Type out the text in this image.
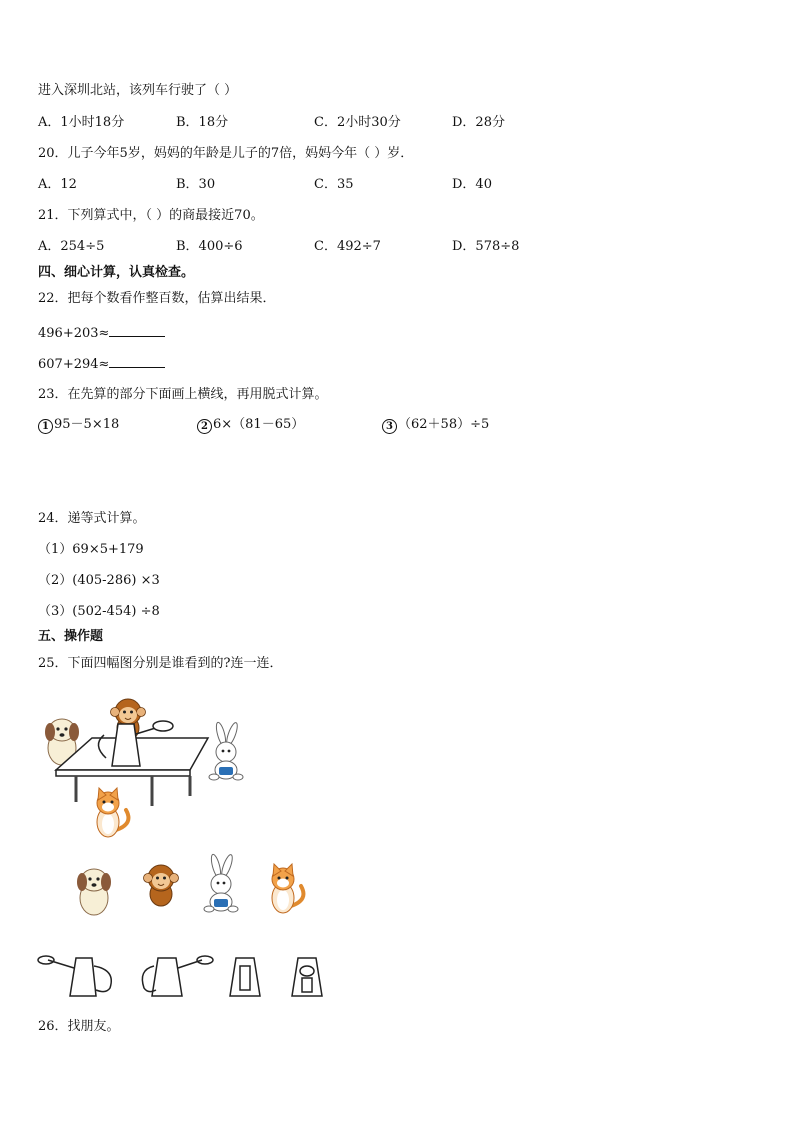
进入深圳北站，该列车行驶了（ ）
A．1小时18分	B．18分	C．2小时30分	D．28分
20．儿子今年5岁，妈妈的年龄是儿子的7倍，妈妈今年（ ）岁．
A．12	B．30	C．35	D．40
21．下列算式中，（ ）的商最接近70。
A．254÷5	B．400÷6	C．492÷7	D．578÷8
四、细心计算，认真检查。
22．把每个数看作整百数，估算出结果．
496+203≈
607+294≈
23．在先算的部分下面画上横线，再用脱式计算。
1 95－5×18	2 6×（81－65）	3 （62＋58）÷5
24．递等式计算。
（1）69×5+179
（2）(405-286) ×3
（3）(502-454) ÷8
五、操作题
25．下面四幅图分别是谁看到的?连一连．
26．找朋友。
